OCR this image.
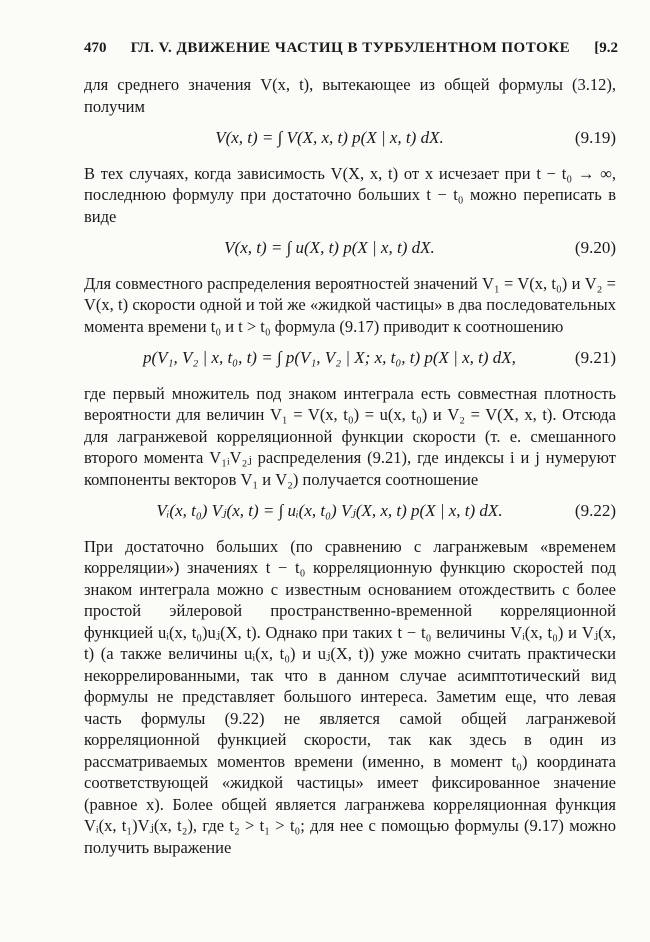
470 ГЛ. V. ДВИЖЕНИЕ ЧАСТИЦ В ТУРБУЛЕНТНОМ ПОТОКЕ [9.2

для среднего значения V(x, t), вытекающее из общей формулы (3.12), получим

V(x, t) = ∫ V(X, x, t) p(X | x, t) dX.	(9.19)

В тех случаях, когда зависимость V(X, x, t) от x исчезает при t − t₀ → ∞, последнюю формулу при достаточно больших t − t₀ можно переписать в виде

V(x, t) = ∫ u(X, t) p(X | x, t) dX.	(9.20)

Для совместного распределения вероятностей значений V₁ = V(x, t₀) и V₂ = V(x, t) скорости одной и той же «жидкой частицы» в два последовательных момента времени t₀ и t > t₀ формула (9.17) приводит к соотношению

p(V₁, V₂ | x, t₀, t) = ∫ p(V₁, V₂ | X; x, t₀, t) p(X | x, t) dX,	(9.21)

где первый множитель под знаком интеграла есть совместная плотность вероятности для величин V₁ = V(x, t₀) = u(x, t₀) и V₂ = V(X, x, t). Отсюда для лагранжевой корреляционной функции скорости (т. е. смешанного второго момента V₁ᵢV₂ⱼ распределения (9.21), где индексы i и j нумеруют компоненты векторов V₁ и V₂) получается соотношение

Vᵢ(x, t₀) Vⱼ(x, t) = ∫ uᵢ(x, t₀) Vⱼ(X, x, t) p(X | x, t) dX.	(9.22)

При достаточно больших (по сравнению с лагранжевым «временем корреляции») значениях t − t₀ корреляционную функцию скоростей под знаком интеграла можно с известным основанием отождествить с более простой эйлеровой пространственно-временной корреляционной функцией uᵢ(x, t₀)uⱼ(X, t). Однако при таких t − t₀ величины Vᵢ(x, t₀) и Vⱼ(x, t) (а также величины uᵢ(x, t₀) и uⱼ(X, t)) уже можно считать практически некоррелированными, так что в данном случае асимптотический вид формулы не представляет большого интереса. Заметим еще, что левая часть формулы (9.22) не является самой общей лагранжевой корреляционной функцией скорости, так как здесь в один из рассматриваемых моментов времени (именно, в момент t₀) координата соответствующей «жидкой частицы» имеет фиксированное значение (равное x). Более общей является лагранжева корреляционная функция Vᵢ(x, t₁)Vⱼ(x, t₂), где t₂ > t₁ > t₀; для нее с помощью формулы (9.17) можно получить выражение
